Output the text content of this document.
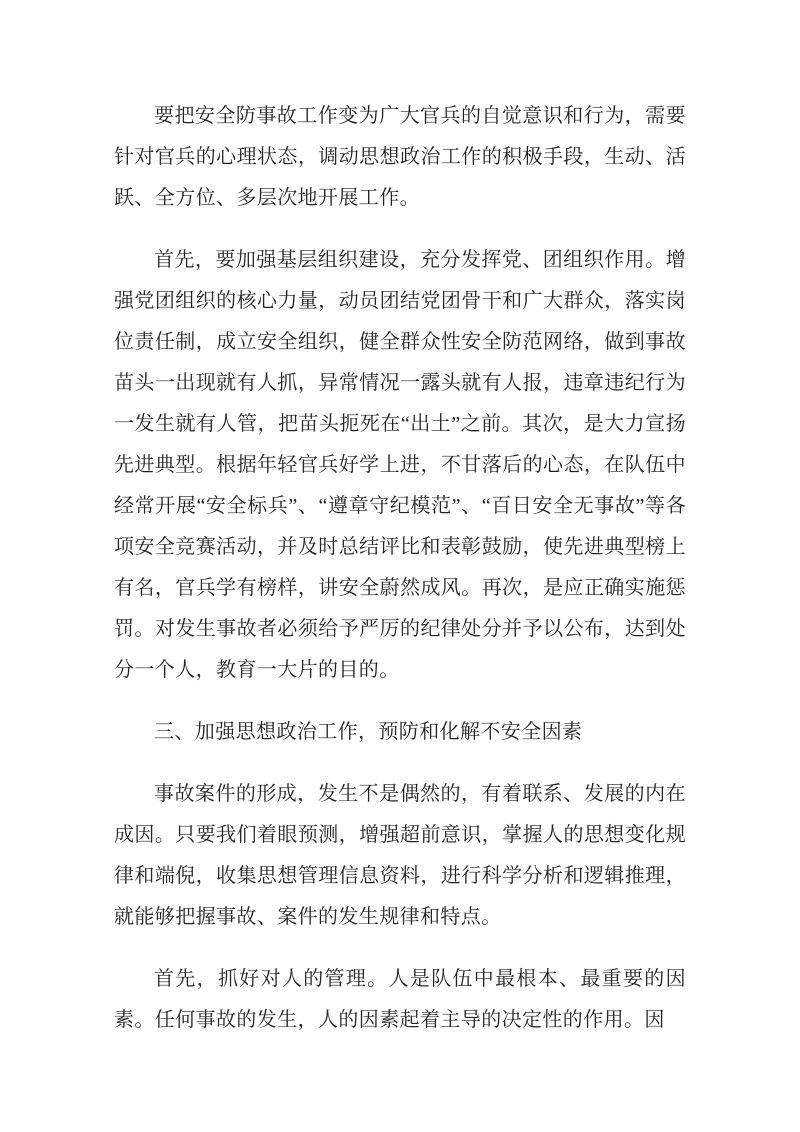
要把安全防事故工作变为广大官兵的自觉意识和行为，需要针对官兵的心理状态，调动思想政治工作的积极手段，生动、活跃、全方位、多层次地开展工作。

首先，要加强基层组织建设，充分发挥党、团组织作用。增强党团组织的核心力量，动员团结党团骨干和广大群众，落实岗位责任制，成立安全组织，健全群众性安全防范网络，做到事故苗头一出现就有人抓，异常情况一露头就有人报，违章违纪行为一发生就有人管，把苗头扼死在“出土”之前。其次，是大力宣扬先进典型。根据年轻官兵好学上进，不甘落后的心态，在队伍中经常开展“安全标兵”、“遵章守纪模范”、“百日安全无事故”等各项安全竞赛活动，并及时总结评比和表彰鼓励，使先进典型榜上有名，官兵学有榜样，讲安全蔚然成风。再次，是应正确实施惩罚。对发生事故者必须给予严厉的纪律处分并予以公布，达到处分一个人，教育一大片的目的。

三、加强思想政治工作，预防和化解不安全因素

事故案件的形成，发生不是偶然的，有着联系、发展的内在成因。只要我们着眼预测，增强超前意识，掌握人的思想变化规律和端倪，收集思想管理信息资料，进行科学分析和逻辑推理，就能够把握事故、案件的发生规律和特点。

首先，抓好对人的管理。人是队伍中最根本、最重要的因素。任何事故的发生，人的因素起着主导的决定性的作用。因
